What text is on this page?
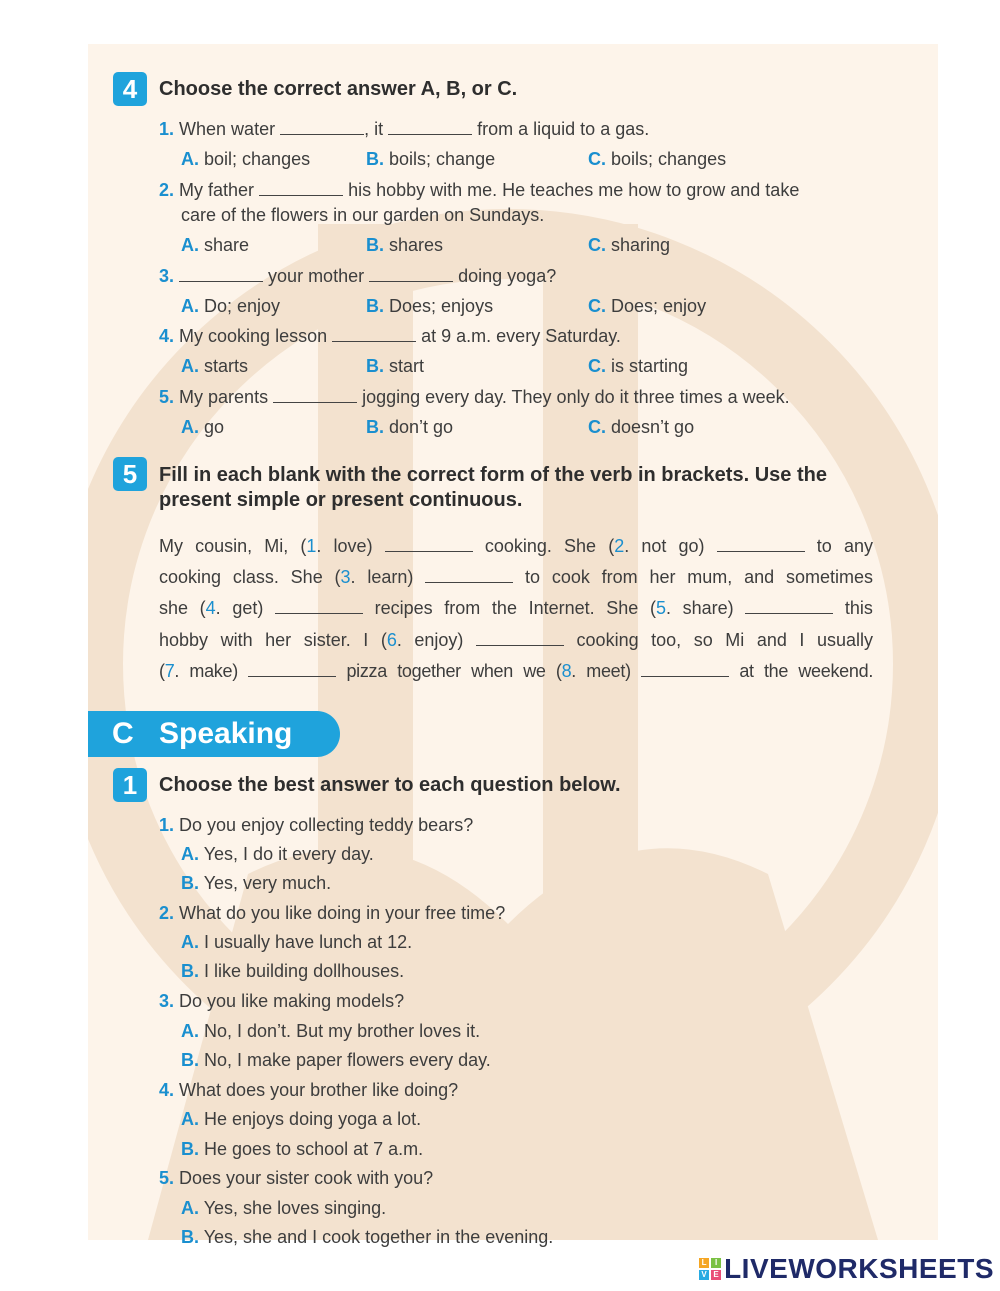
4	Choose the correct answer A, B, or C.
1. When water	, it	from a liquid to a gas.
A. boil; changes	B. boils; change	C. boils; changes
2. My father	his hobby with me. He teaches me how to grow and take
care of the flowers in our garden on Sundays.
A. share	B. shares	C. sharing
3.	your mother	doing yoga?
A. Do; enjoy	B. Does; enjoys	C. Does; enjoy
4. My cooking lesson	at 9 a.m. every Saturday.
A. starts	B. start	C. is starting
5. My parents	jogging every day. They only do it three times a week.
A. go	B. don’t go	C. doesn’t go
5	Fill in each blank with the correct form of the verb in brackets. Use the
present simple or present continuous.
My cousin, Mi, (1. love)	cooking. She (2. not go)	to any
cooking class. She (3. learn)	to cook from her mum, and sometimes
she (4. get)	recipes from the Internet. She (5. share)	this
hobby with her sister. I (6. enjoy)	cooking too, so Mi and I usually
(7. make)	pizza together when we (8. meet)	at the weekend.
C Speaking
1	Choose the best answer to each question below.
1. Do you enjoy collecting teddy bears?
A. Yes, I do it every day.
B. Yes, very much.
2. What do you like doing in your free time?
A. I usually have lunch at 12.
B. I like building dollhouses.
3. Do you like making models?
A. No, I don’t. But my brother loves it.
B. No, I make paper flowers every day.
4. What does your brother like doing?
A. He enjoys doing yoga a lot.
B. He goes to school at 7 a.m.
5. Does your sister cook with you?
A. Yes, she loves singing.
B. Yes, she and I cook together in the evening.
L	I
V E LIVEWORKSHEETS
